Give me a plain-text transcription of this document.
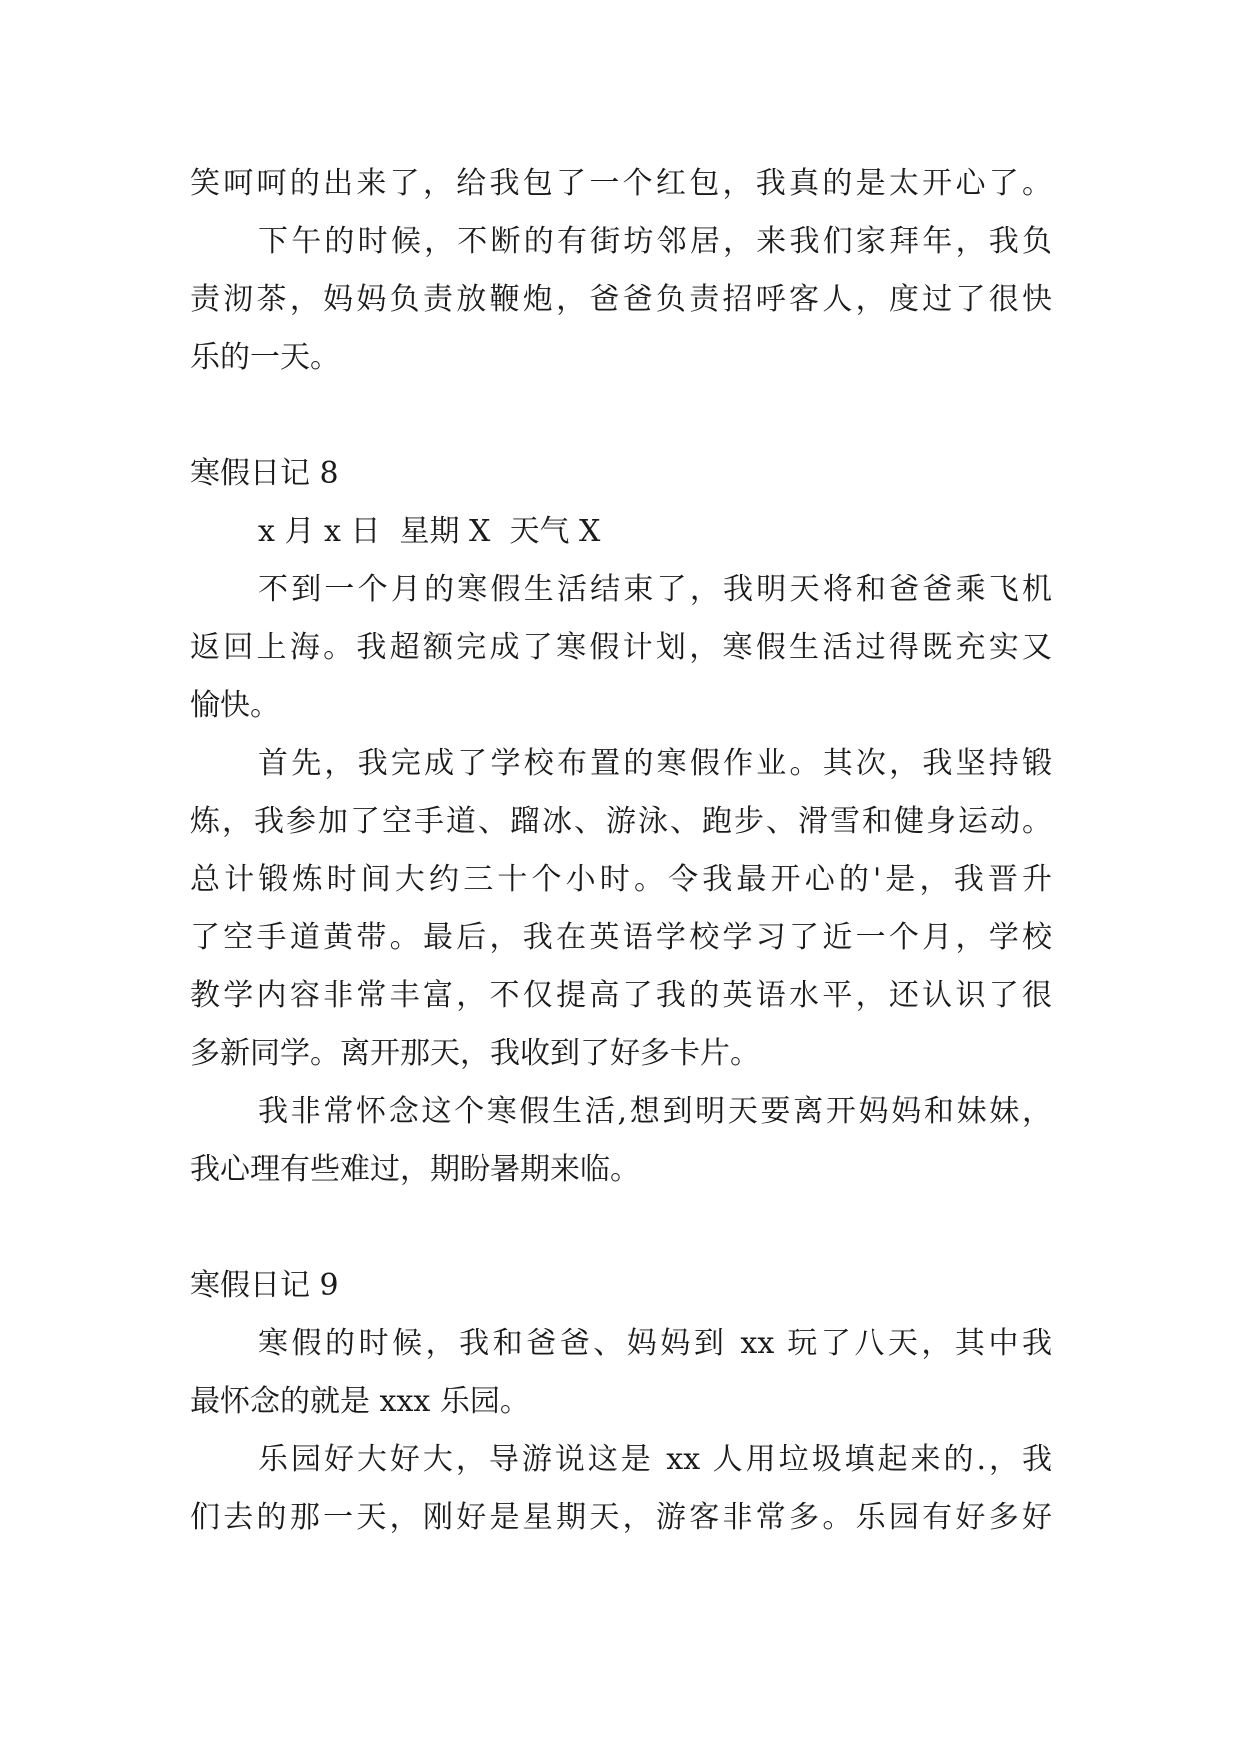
笑呵呵的出来了，给我包了一个红包，我真的是太开心了。
下午的时候，不断的有街坊邻居，来我们家拜年，我负
责沏茶，妈妈负责放鞭炮，爸爸负责招呼客人，度过了很快
乐的一天。
寒假日记 8
x 月 x 日  星期 X  天气 X
不到一个月的寒假生活结束了，我明天将和爸爸乘飞机
返回上海。我超额完成了寒假计划，寒假生活过得既充实又
愉快。
首先，我完成了学校布置的寒假作业。其次，我坚持锻
炼，我参加了空手道、蹓冰、游泳、跑步、滑雪和健身运动。
总计锻炼时间大约三十个小时。令我最开心的'是，我晋升
了空手道黄带。最后，我在英语学校学习了近一个月，学校
教学内容非常丰富，不仅提高了我的英语水平，还认识了很
多新同学。离开那天，我收到了好多卡片。
我非常怀念这个寒假生活,想到明天要离开妈妈和妹妹，
我心理有些难过，期盼暑期来临。
寒假日记 9
寒假的时候，我和爸爸、妈妈到 xx 玩了八天，其中我
最怀念的就是 xxx 乐园。
乐园好大好大，导游说这是 xx 人用垃圾填起来的.，我
们去的那一天，刚好是星期天，游客非常多。乐园有好多好
